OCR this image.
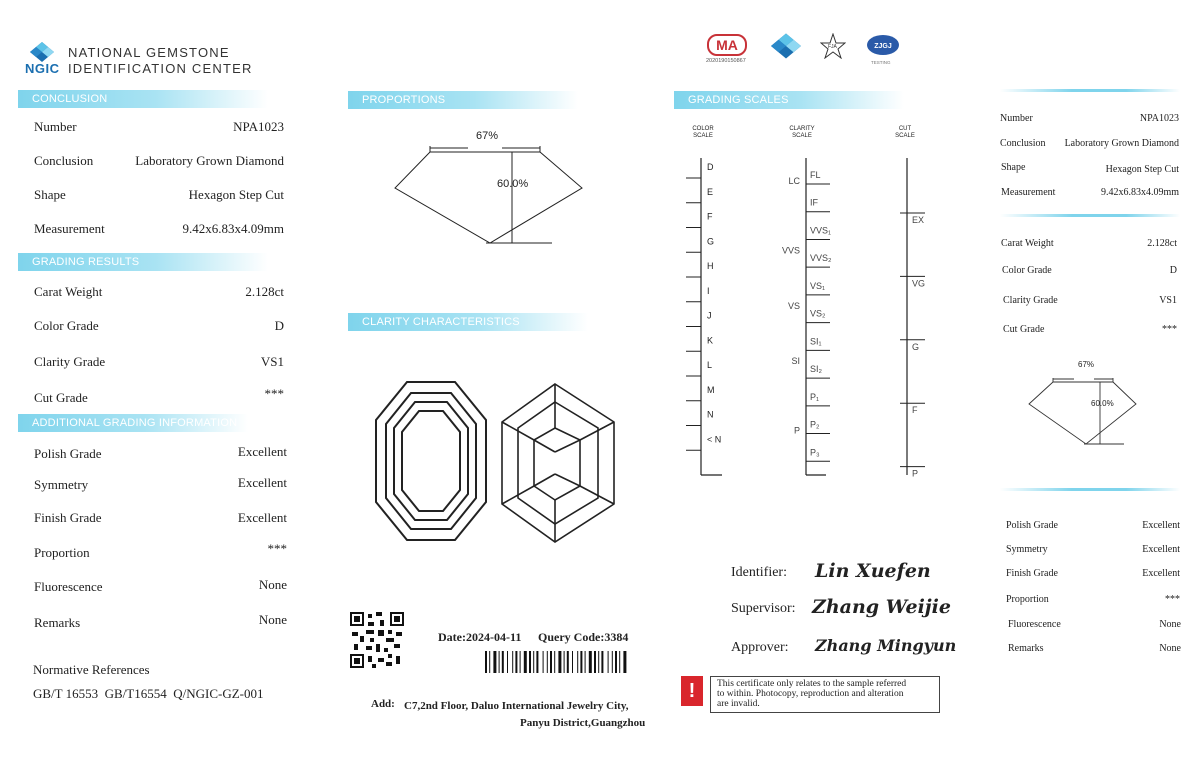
NGIC
NATIONAL GEMSTONE
IDENTIFICATION CENTER
CONCLUSION
Number	NPA1023
Conclusion	Laboratory Grown Diamond
Shape	Hexagon Step Cut
Measurement	9.42x6.83x4.09mm
GRADING RESULTS
Carat Weight	2.128ct
Color Grade	D
Clarity Grade	VS1
Cut Grade	***
ADDITIONAL GRADING INFORMATION
Polish Grade	Excellent
Symmetry	Excellent
Finish Grade	Excellent
Proportion	***
Fluorescence	None
Remarks	None
Normative References
GB/T 16553  GB/T16554  Q/NGIC-GZ-001
PROPORTIONS
67%
60.0%
CLARITY CHARACTERISTICS
Date:2024-04-11 Query Code:3384
Add: C7,2nd Floor, Daluo International Jewelry City,
Panyu District,Guangzhou
MA
2020190150867
FJA	ZJGJ
TESTING
GRADING SCALES
COLOR
SCALE
CLARITY
SCALE
CUT
SCALE
D
E
F
G
H
I
J
K
L
M
N
< N
FL
IF
VVS₁
VVS₂
VS₁
VS₂
SI₁
SI₂
P₁
P₂
P₃
LC
VVS
VS
SI
P
EX
VG
G
F
P
Identifier: Lin Xuefen
Supervisor: Zhang Weijie
Approver: Zhang Mingyun
!	This certificate only relates to the sample referred
to within. Photocopy, reproduction and alteration
are invalid.
Number	NPA1023
Conclusion Laboratory Grown Diamond
Shape	Hexagon Step Cut
Measurement	9.42x6.83x4.09mm
Carat Weight	2.128ct
Color Grade	D
Clarity Grade	VS1
Cut Grade	***
67%
60.0%
Polish Grade	Excellent
Symmetry	Excellent
Finish Grade	Excellent
Proportion	***
Fluorescence	None
Remarks	None
